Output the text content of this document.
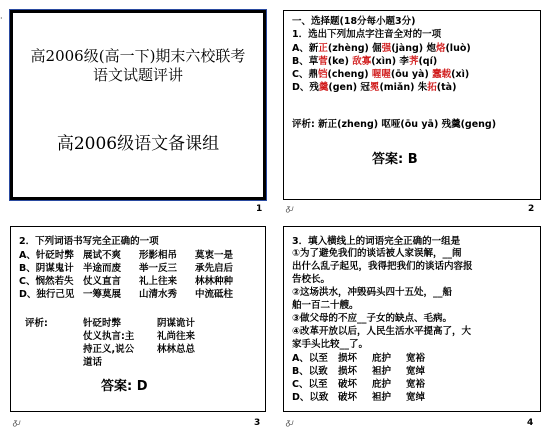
·
高2006级(高一下)期末六校联考
语文试题评讲
高2006级语文备课组
1
一、选择题(18分每小题3分)
1．选出下列加点字注音全对的一项
A、新正(zhèng) 倔强(jàng) 炮烙(luò)
B、草菅(ke) 敌寡(xìn) 李荠(qí)
C、鼎铛(cheng) 喔喔(ōu yà) 蠢载(xì)
D、残羹(gen) 冠冕(miǎn) 朱拓(tà)
评析: 新正(zheng) 呕哑(ōu yā) 残羹(geng)
答案: B
ᵹᴊ	2
2．下列词语书写完全正确的一项
A、针砭时弊 展试不爽 形影相吊 莫衷一是
B、阴谋鬼计 半途而废 举一反三 承先启后
C、悯然若失 仗义直言 礼上往来 林林种种
D、独行己见 一筹莫展 山清水秀 中流砥柱
评析:	针砭时弊
仗义执言:主
持正义,说公
道话
阴谋诡计
礼尚往来
林林总总
答案: D
ᵹᴊ	3
3．填入横线上的词语完全正确的一组是
①为了避免我们的谈话被人家误解，__闹
出什么乱子起见，我得把我们的谈话内容报
告校长。
②这场洪水，冲毁码头四十五处，__船
舶一百二十艘。
③做父母的不应__子女的缺点、毛病。
④改革开放以后，人民生活水平提高了，大
家手头比较__了。
A、以至 损坏 庇护 宽裕
B、以致 损坏 袒护 宽绰
C、以至 破坏 庇护 宽裕
D、以致 破坏 袒护 宽绰
ᵹᴊ	4
